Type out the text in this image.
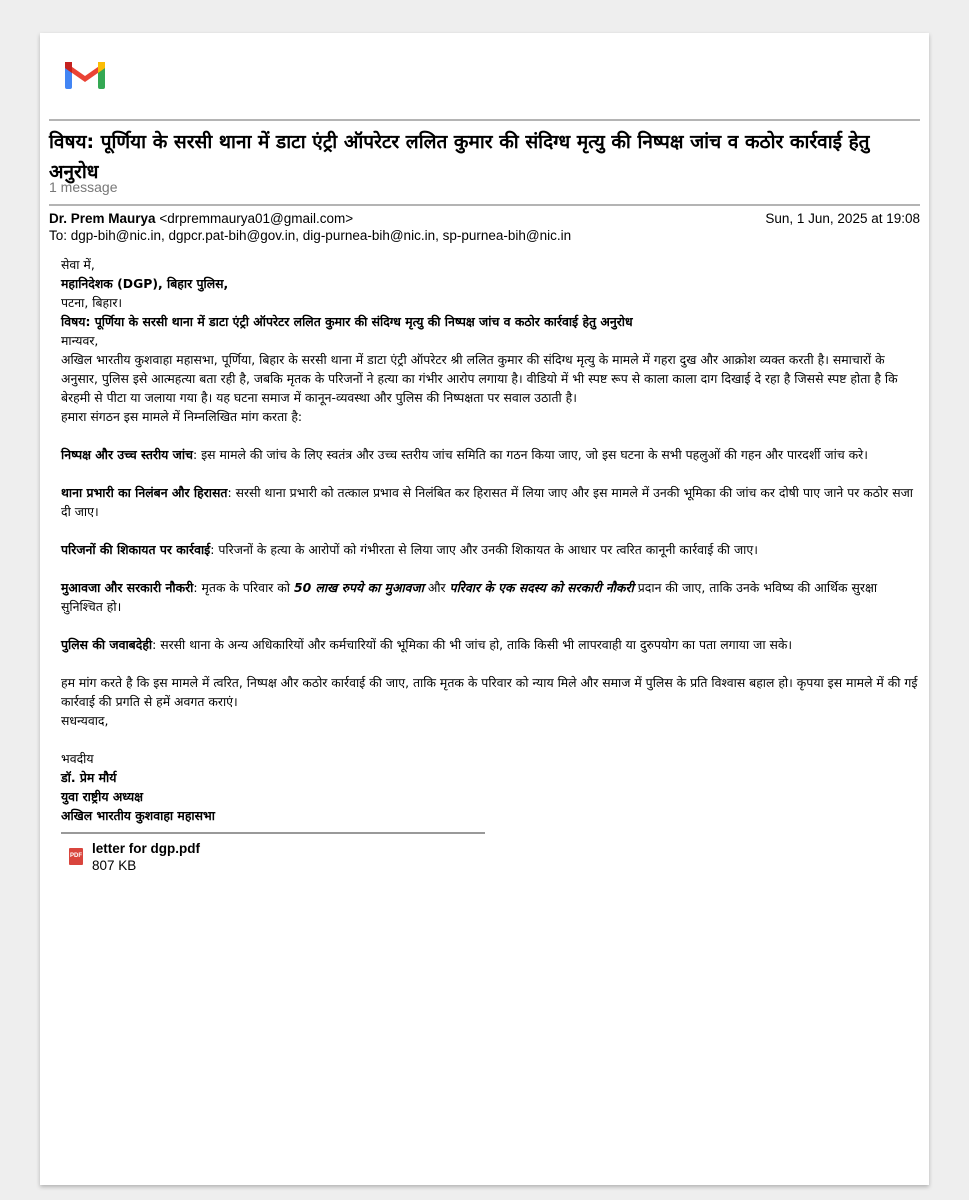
विषय: पूर्णिया के सरसी थाना में डाटा एंट्री ऑपरेटर ललित कुमार की संदिग्ध मृत्यु की निष्पक्ष जांच व कठोर कार्रवाई हेतु अनुरोध
1 message
Dr. Prem Maurya <drpremmaurya01@gmail.com>	Sun, 1 Jun, 2025 at 19:08
To: dgp-bih@nic.in, dgpcr.pat-bih@gov.in, dig-purnea-bih@nic.in, sp-purnea-bih@nic.in

सेवा में,

महानिदेशक (DGP), बिहार पुलिस,

पटना, बिहार।

विषय: पूर्णिया के सरसी थाना में डाटा एंट्री ऑपरेटर ललित कुमार की संदिग्ध मृत्यु की निष्पक्ष जांच व कठोर कार्रवाई हेतु अनुरोध

मान्यवर,

अखिल भारतीय कुशवाहा महासभा, पूर्णिया, बिहार के सरसी थाना में डाटा एंट्री ऑपरेटर श्री ललित कुमार की संदिग्ध मृत्यु के मामले में गहरा दुख और आक्रोश व्यक्त करती है। समाचारों के अनुसार, पुलिस इसे आत्महत्या बता रही है, जबकि मृतक के परिजनों ने हत्या का गंभीर आरोप लगाया है। वीडियो में भी स्पष्ट रूप से काला काला दाग दिखाई दे रहा है जिससे स्पष्ट होता है कि बेरहमी से पीटा या जलाया गया है। यह घटना समाज में कानून-व्यवस्था और पुलिस की निष्पक्षता पर सवाल उठाती है।

हमारा संगठन इस मामले में निम्नलिखित मांग करता है:

निष्पक्ष और उच्च स्तरीय जांच: इस मामले की जांच के लिए स्वतंत्र और उच्च स्तरीय जांच समिति का गठन किया जाए, जो इस घटना के सभी पहलुओं की गहन और पारदर्शी जांच करे।

थाना प्रभारी का निलंबन और हिरासत: सरसी थाना प्रभारी को तत्काल प्रभाव से निलंबित कर हिरासत में लिया जाए और इस मामले में उनकी भूमिका की जांच कर दोषी पाए जाने पर कठोर सजा दी जाए।

परिजनों की शिकायत पर कार्रवाई: परिजनों के हत्या के आरोपों को गंभीरता से लिया जाए और उनकी शिकायत के आधार पर त्वरित कानूनी कार्रवाई की जाए।

मुआवजा और सरकारी नौकरी: मृतक के परिवार को 50 लाख रुपये का मुआवजा और परिवार के एक सदस्य को सरकारी नौकरी प्रदान की जाए, ताकि उनके भविष्य की आर्थिक सुरक्षा सुनिश्चित हो।

पुलिस की जवाबदेही: सरसी थाना के अन्य अधिकारियों और कर्मचारियों की भूमिका की भी जांच हो, ताकि किसी भी लापरवाही या दुरुपयोग का पता लगाया जा सके।

हम मांग करते है कि इस मामले में त्वरित, निष्पक्ष और कठोर कार्रवाई की जाए, ताकि मृतक के परिवार को न्याय मिले और समाज में पुलिस के प्रति विश्वास बहाल हो। कृपया इस मामले में की गई कार्रवाई की प्रगति से हमें अवगत कराएं।

सधन्यवाद,

भवदीय

डॉ. प्रेम मौर्य

युवा राष्ट्रीय अध्यक्ष

अखिल भारतीय कुशवाहा महासभा

PDF letter for dgp.pdf
807 KB
